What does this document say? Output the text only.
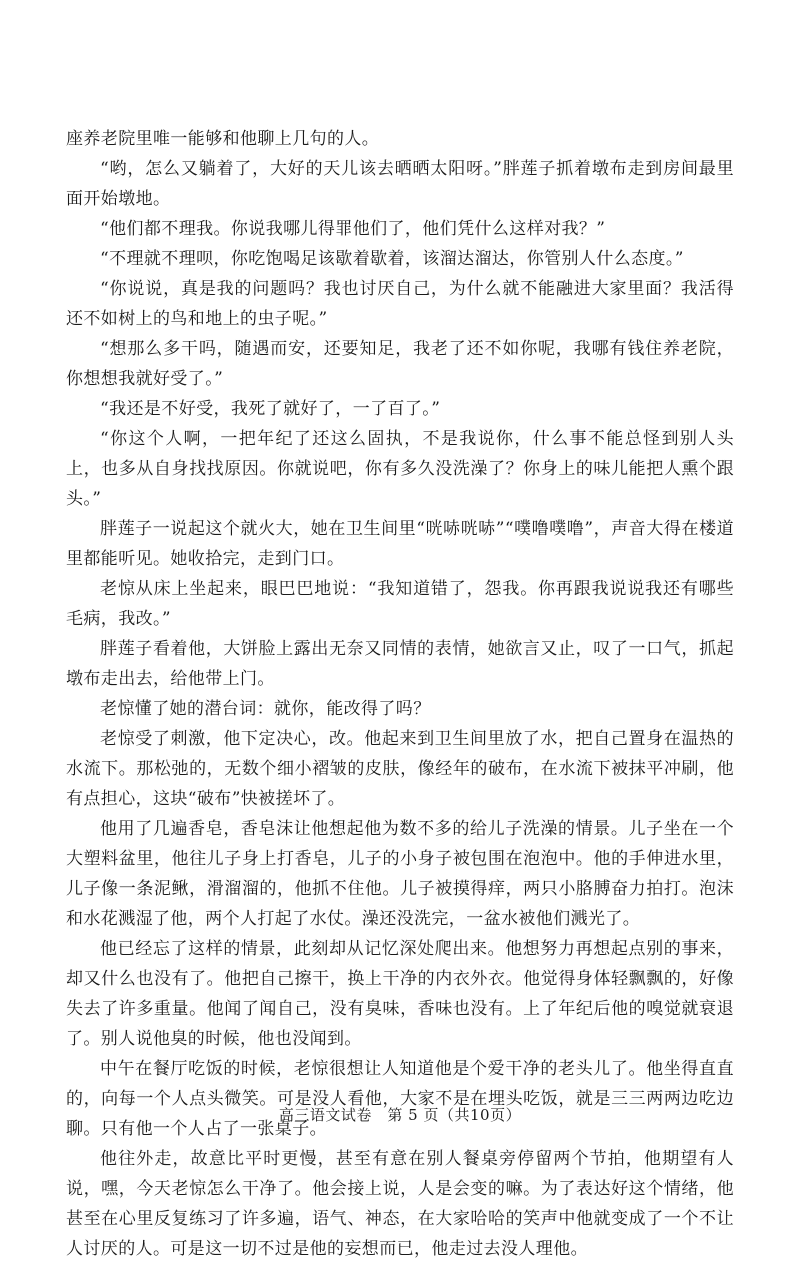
座养老院里唯一能够和他聊上几句的人。

“哟，怎么又躺着了，大好的天儿该去晒晒太阳呀。”胖莲子抓着墩布走到房间最里面开始墩地。

“他们都不理我。你说我哪儿得罪他们了，他们凭什么这样对我？”

“不理就不理呗，你吃饱喝足该歇着歇着，该溜达溜达，你管别人什么态度。”

“你说说，真是我的问题吗？我也讨厌自己，为什么就不能融进大家里面？我活得还不如树上的鸟和地上的虫子呢。”

“想那么多干吗，随遇而安，还要知足，我老了还不如你呢，我哪有钱住养老院，你想想我就好受了。”

“我还是不好受，我死了就好了，一了百了。”

“你这个人啊，一把年纪了还这么固执，不是我说你，什么事不能总怪到别人头上，也多从自身找找原因。你就说吧，你有多久没洗澡了？你身上的味儿能把人熏个跟头。”

胖莲子一说起这个就火大，她在卫生间里“咣哧咣哧”“噗噜噗噜”，声音大得在楼道里都能听见。她收拾完，走到门口。

老惊从床上坐起来，眼巴巴地说：“我知道错了，怨我。你再跟我说说我还有哪些毛病，我改。”

胖莲子看着他，大饼脸上露出无奈又同情的表情，她欲言又止，叹了一口气，抓起墩布走出去，给他带上门。

老惊懂了她的潜台词：就你，能改得了吗？

老惊受了刺激，他下定决心，改。他起来到卫生间里放了水，把自己置身在温热的水流下。那松弛的，无数个细小褶皱的皮肤，像经年的破布，在水流下被抹平冲刷，他有点担心，这块“破布”快被搓坏了。

他用了几遍香皂，香皂沫让他想起他为数不多的给儿子洗澡的情景。儿子坐在一个大塑料盆里，他往儿子身上打香皂，儿子的小身子被包围在泡泡中。他的手伸进水里，儿子像一条泥鳅，滑溜溜的，他抓不住他。儿子被摸得痒，两只小胳膊奋力拍打。泡沫和水花溅湿了他，两个人打起了水仗。澡还没洗完，一盆水被他们溅光了。

他已经忘了这样的情景，此刻却从记忆深处爬出来。他想努力再想起点别的事来，却又什么也没有了。他把自己擦干，换上干净的内衣外衣。他觉得身体轻飘飘的，好像失去了许多重量。他闻了闻自己，没有臭味，香味也没有。上了年纪后他的嗅觉就衰退了。别人说他臭的时候，他也没闻到。

中午在餐厅吃饭的时候，老惊很想让人知道他是个爱干净的老头儿了。他坐得直直的，向每一个人点头微笑。可是没人看他，大家不是在埋头吃饭，就是三三两两边吃边聊。只有他一个人占了一张桌子。

他往外走，故意比平时更慢，甚至有意在别人餐桌旁停留两个节拍，他期望有人说，嘿，今天老惊怎么干净了。他会接上说，人是会变的嘛。为了表达好这个情绪，他甚至在心里反复练习了许多遍，语气、神态，在大家哈哈的笑声中他就变成了一个不让人讨厌的人。可是这一切不过是他的妄想而已，他走过去没人理他。

高三语文试卷　第 5 页（共10页）
